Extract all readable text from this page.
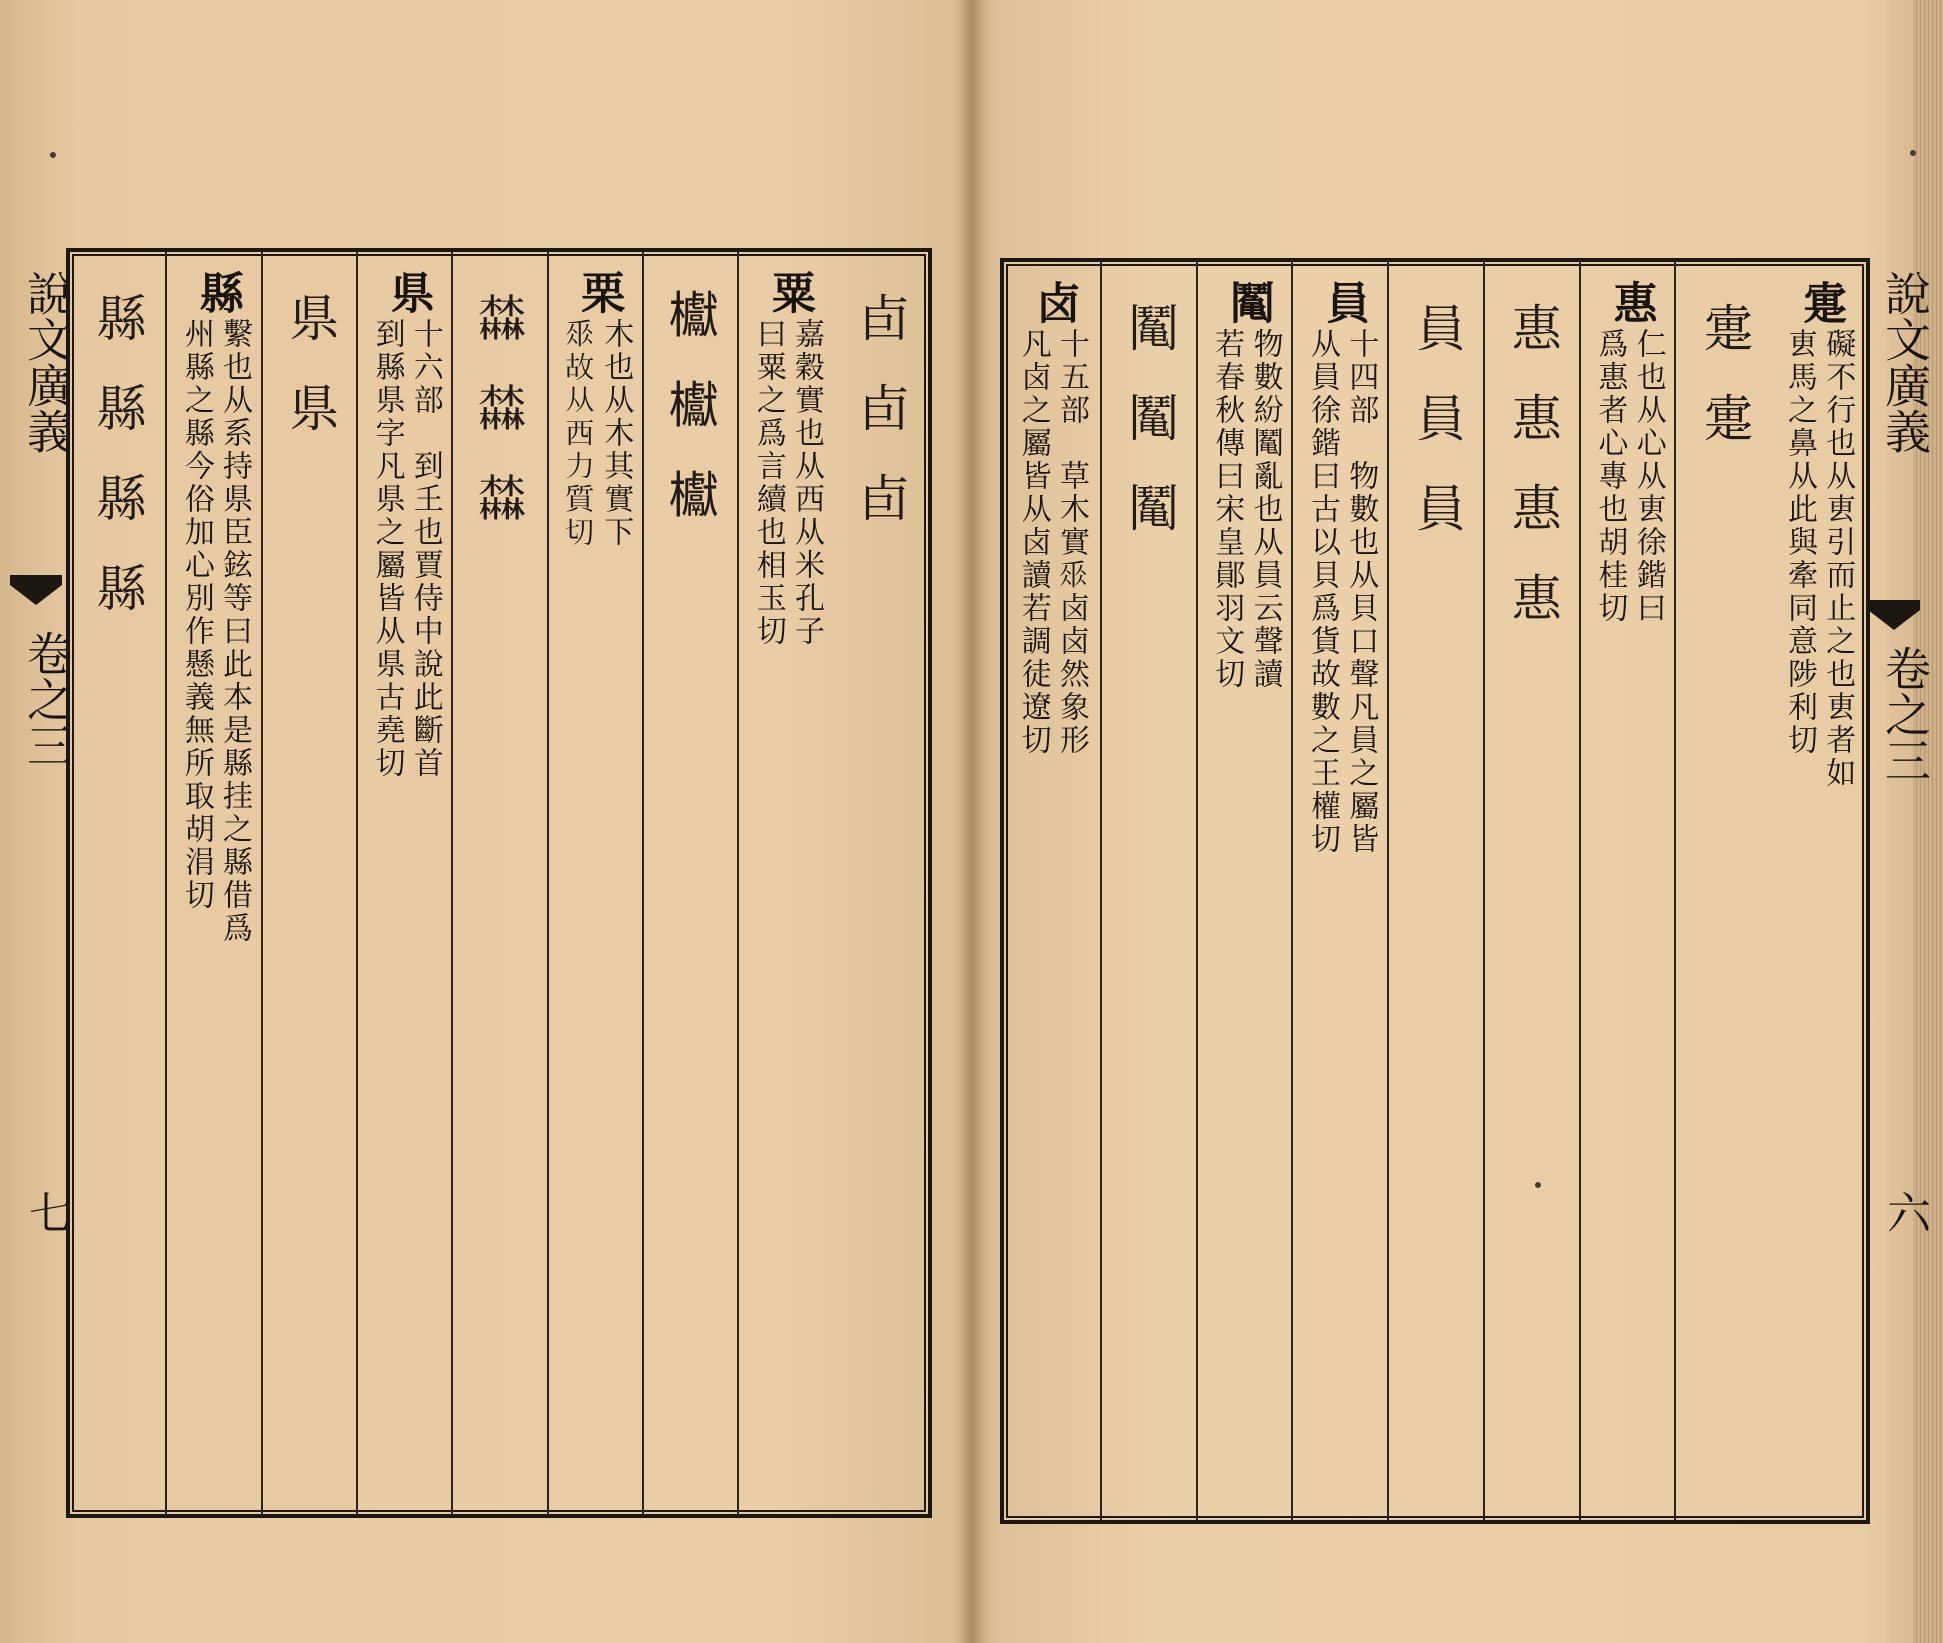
說文廣義
卷之三
七
卣卣卣
粟
嘉穀實也从西从米孔子
曰粟之爲言續也相玉切
𣡌𣡌𣡌
栗
木也从木其實下
𠂹故从西力質切
𣡕𣡕𣡕
県
十六部　到𡈼也賈侍中說此斷首
到縣県字凡県之屬皆从県古堯切
県県
縣
繫也从系持県臣鉉等曰此本是縣挂之縣借爲
州縣之縣今俗加心別作懸義無所取胡涓切
縣縣縣縣	疐
礙不行也从叀引而止之也叀者如
叀馬之鼻从此與牽同意陟利切
疐疐
惠
仁也从心从叀徐鍇曰
爲惠者心專也胡桂切
惠惠惠惠
員員員
員
十四部　物數也从貝口聲凡員之屬皆
从員徐鍇曰古以貝爲貨故數之王權切
䰗
物數紛䰗亂也从員云聲讀
若春秋傳曰宋皇鄖羽文切
䰗䰗䰗
卤
十五部　草木實𠂹卤卤然象形
凡卤之屬皆从卤讀若調徒遼切	說文廣義
卷之三
六
